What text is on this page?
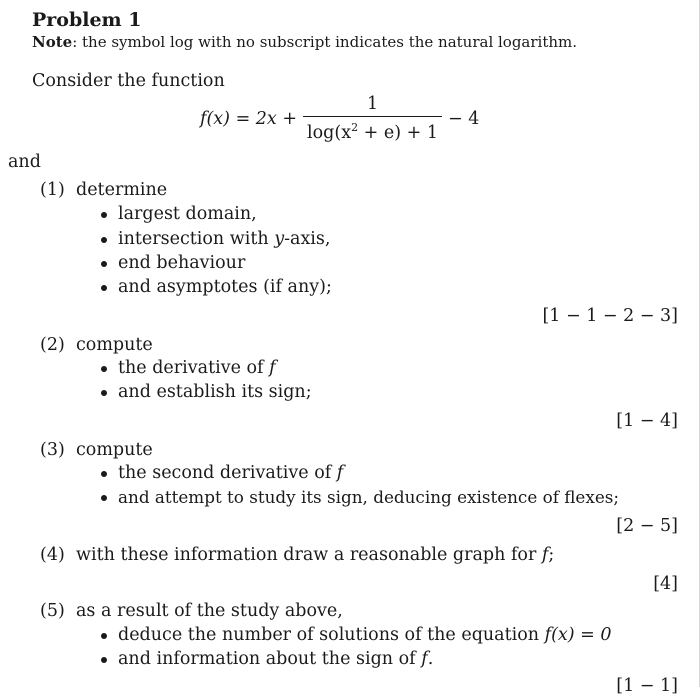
Problem 1
Note: the symbol log with no subscript indicates the natural logarithm.
Consider the function
$f(x) = 2x + \frac{1}{\log(x^2 + e) + 1} - 4$
and
(1) determine
largest domain,
intersection with y-axis,
end behaviour
and asymptotes (if any);
[1 − 1 − 2 − 3]
(2) compute
the derivative of f
and establish its sign;
[1 − 4]
(3) compute
the second derivative of f
and attempt to study its sign, deducing existence of flexes;
[2 − 5]
(4) with these information draw a reasonable graph for f;
[4]
(5) as a result of the study above,
deduce the number of solutions of the equation f(x) = 0
and information about the sign of f.
[1 − 1]
